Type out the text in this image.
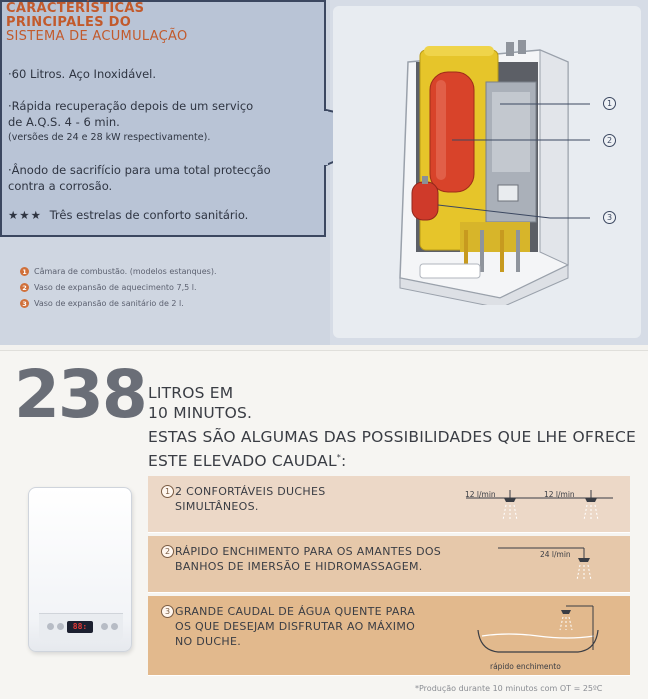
CARACTERÍSTICAS
PRINCIPALES DO
SISTEMA DE ACUMULAÇÃO
·60 Litros. Aço Inoxidável.
·Rápida recuperação depois de um serviço
de A.Q.S. 4 - 6 min.
(versões de 24 e 28 kW respectivamente).
·Ânodo de sacrifício para uma total protecção
contra a corrosão.
★★★ Três estrelas de conforto sanitário.
1 Câmara de combustão. (modelos estanques).
2 Vaso de expansão de aquecimento 7,5 l.
3 Vaso de expansão de sanitário de 2 l.
1
2
3
238 LITROS EM
10 MINUTOS.
ESTAS SÃO ALGUMAS DAS POSSIBILIDADES QUE LHE OFRECE
ESTE ELEVADO CAUDAL*:
88:
1 2 CONFORTÁVEIS DUCHES
SIMULTÂNEOS.
12 l/min	12 l/min
2 RÁPIDO ENCHIMENTO PARA OS AMANTES DOS
BANHOS DE IMERSÃO E HIDROMASSAGEM.
24 l/min
3 GRANDE CAUDAL DE ÁGUA QUENTE PARA
OS QUE DESEJAM DISFRUTAR AO MÁXIMO
NO DUCHE.
rápido enchimento
*Produção durante 10 minutos com OT = 25ºC
